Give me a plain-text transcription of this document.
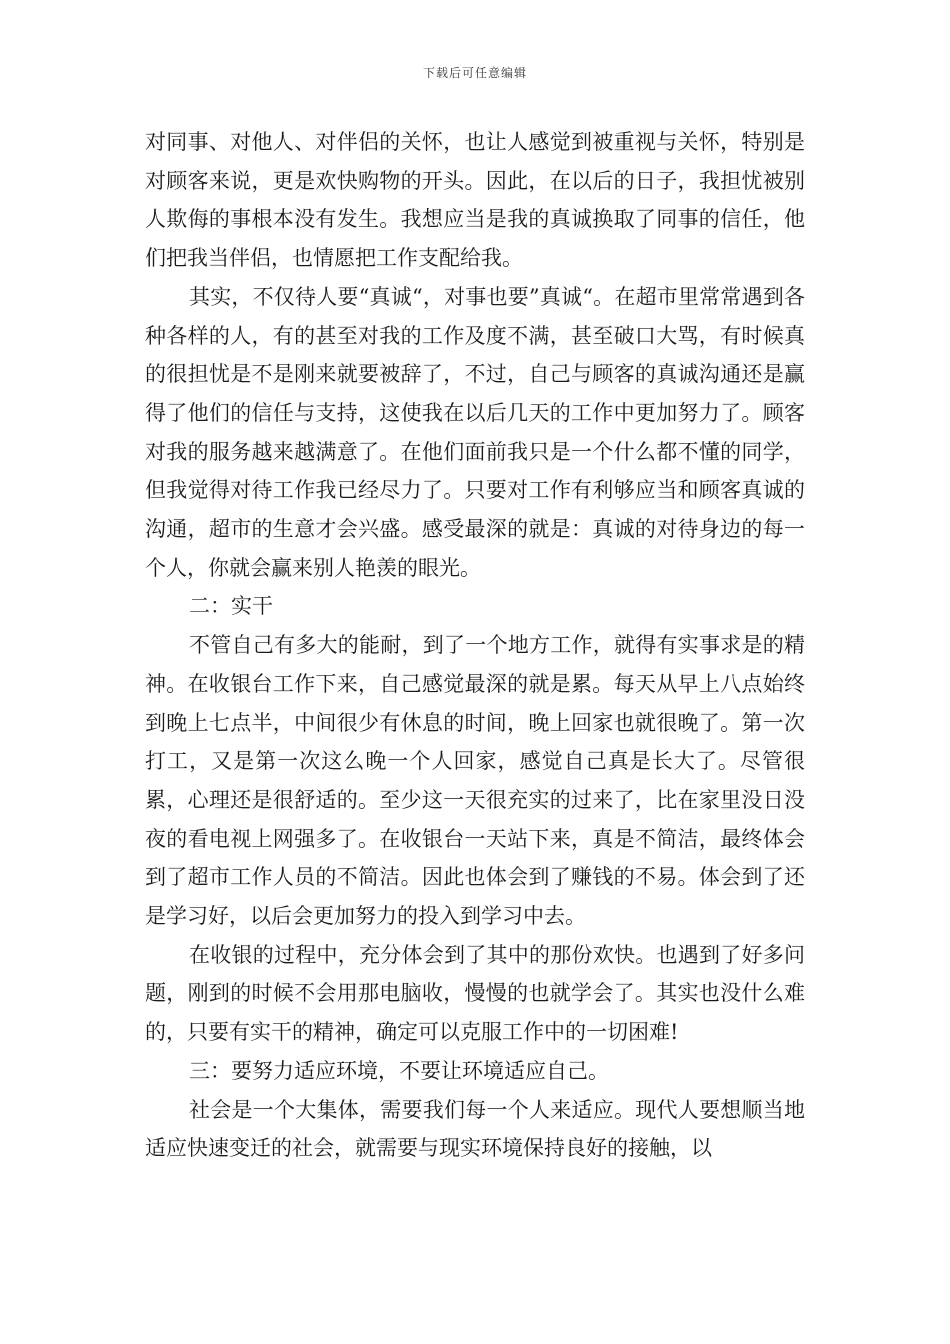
下载后可任意编辑

对同事、对他人、对伴侣的关怀，也让人感觉到被重视与关怀，特别是对顾客来说，更是欢快购物的开头。因此，在以后的日子，我担忧被别人欺侮的事根本没有发生。我想应当是我的真诚换取了同事的信任，他们把我当伴侣，也情愿把工作支配给我。

其实，不仅待人要“真诚“，对事也要”真诚“。在超市里常常遇到各种各样的人，有的甚至对我的工作及度不满，甚至破口大骂，有时候真的很担忧是不是刚来就要被辞了，不过，自己与顾客的真诚沟通还是赢得了他们的信任与支持，这使我在以后几天的工作中更加努力了。顾客对我的服务越来越满意了。在他们面前我只是一个什么都不懂的同学，但我觉得对待工作我已经尽力了。只要对工作有利够应当和顾客真诚的沟通，超市的生意才会兴盛。感受最深的就是：真诚的对待身边的每一个人，你就会赢来别人艳羡的眼光。

二：实干

不管自己有多大的能耐，到了一个地方工作，就得有实事求是的精神。在收银台工作下来，自己感觉最深的就是累。每天从早上八点始终到晚上七点半，中间很少有休息的时间，晚上回家也就很晚了。第一次打工，又是第一次这么晚一个人回家，感觉自己真是长大了。尽管很累，心理还是很舒适的。至少这一天很充实的过来了，比在家里没日没夜的看电视上网强多了。在收银台一天站下来，真是不简洁，最终体会到了超市工作人员的不简洁。因此也体会到了赚钱的不易。体会到了还是学习好，以后会更加努力的投入到学习中去。

在收银的过程中，充分体会到了其中的那份欢快。也遇到了好多问题，刚到的时候不会用那电脑收，慢慢的也就学会了。其实也没什么难的，只要有实干的精神，确定可以克服工作中的一切困难!

三：要努力适应环境，不要让环境适应自己。

社会是一个大集体，需要我们每一个人来适应。现代人要想顺当地适应快速变迁的社会，就需要与现实环境保持良好的接触，以
